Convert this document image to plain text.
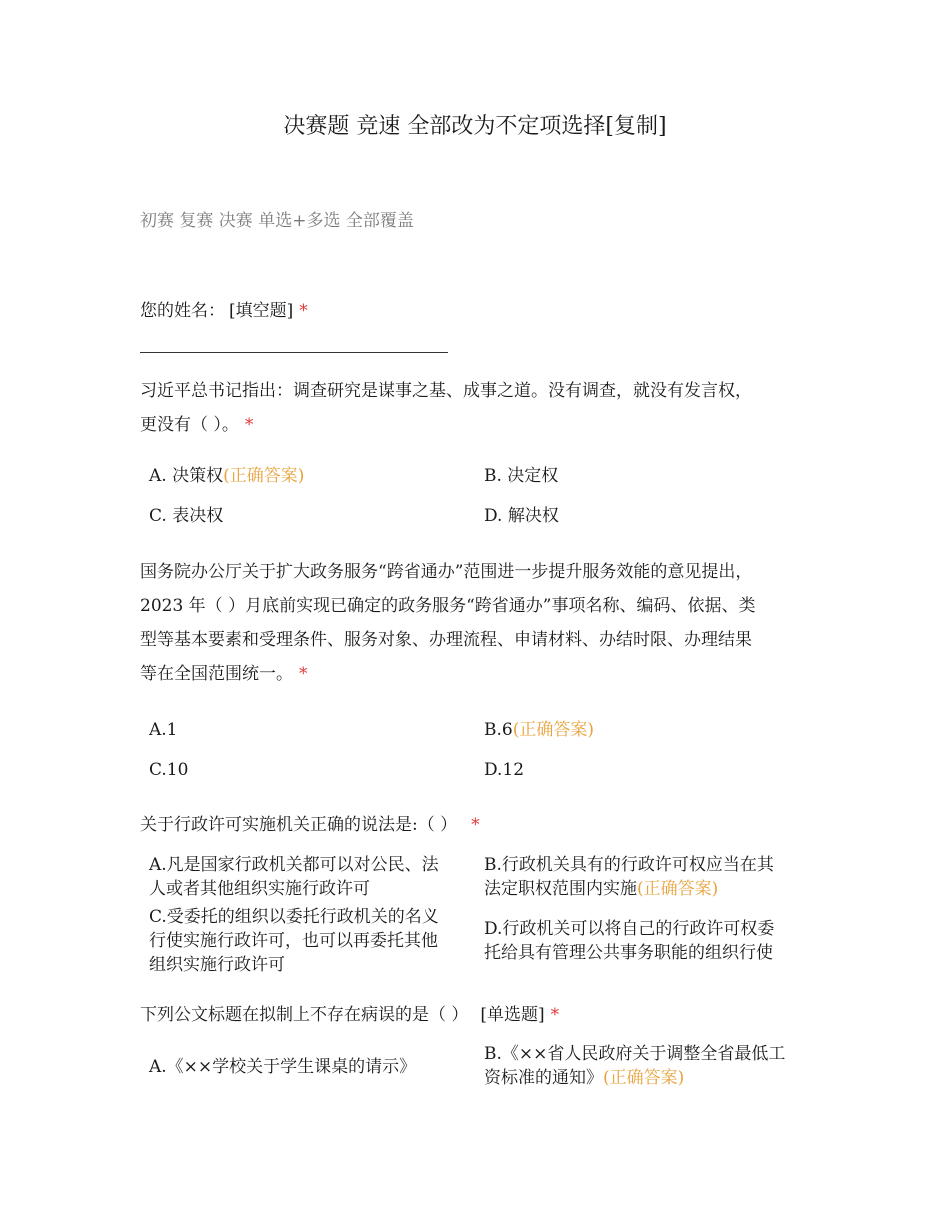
决赛题 竞速 全部改为不定项选择[复制]
初赛 复赛 决赛 单选+多选 全部覆盖
您的姓名： [填空题] *
习近平总书记指出：调查研究是谋事之基、成事之道。没有调查，就没有发言权，
更没有（ ）。 *
A. 决策权(正确答案)	B. 决定权
C. 表决权	D. 解决权
国务院办公厅关于扩大政务服务“跨省通办”范围进一步提升服务效能的意见提出，
2023 年（ ）月底前实现已确定的政务服务“跨省通办”事项名称、编码、依据、类
型等基本要素和受理条件、服务对象、办理流程、申请材料、办结时限、办理结果
等在全国范围统一。 *
A.1	B.6(正确答案)
C.10	D.12
关于行政许可实施机关正确的说法是:（ ） *
A.凡是国家行政机关都可以对公民、法
人或者其他组织实施行政许可
B.行政机关具有的行政许可权应当在其
法定职权范围内实施(正确答案)
C.受委托的组织以委托行政机关的名义
行使实施行政许可，也可以再委托其他
组织实施行政许可
D.行政机关可以将自己的行政许可权委
托给具有管理公共事务职能的组织行使
下列公文标题在拟制上不存在病误的是（ ） [单选题] *
A.《××学校关于学生课桌的请示》
B.《××省人民政府关于调整全省最低工
资标准的通知》(正确答案)
